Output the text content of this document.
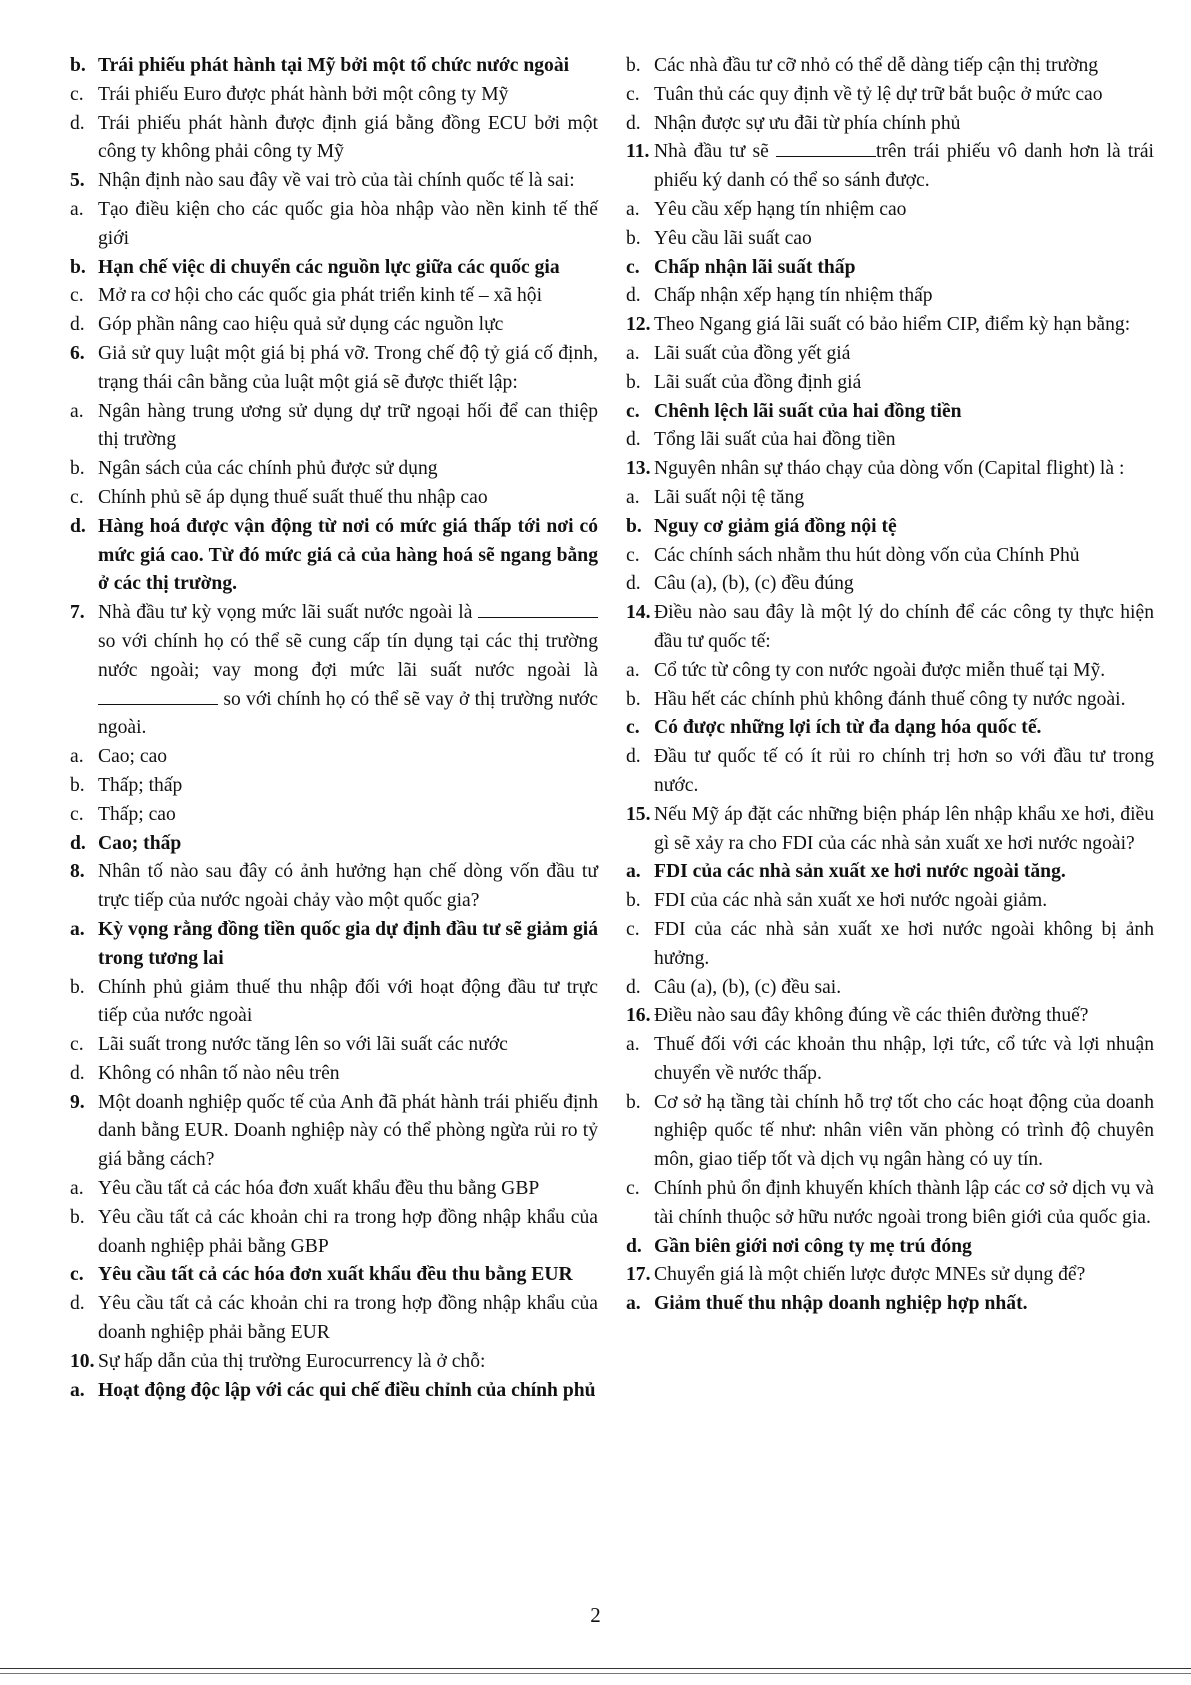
b. Trái phiếu phát hành tại Mỹ bởi một tổ chức nước ngoài
c. Trái phiếu Euro được phát hành bởi một công ty Mỹ
d. Trái phiếu phát hành được định giá bằng đồng ECU bởi một công ty không phải công ty Mỹ
5. Nhận định nào sau đây về vai trò của tài chính quốc tế là sai:
a. Tạo điều kiện cho các quốc gia hòa nhập vào nền kinh tế thế giới
b. Hạn chế việc di chuyển các nguồn lực giữa các quốc gia
c. Mở ra cơ hội cho các quốc gia phát triển kinh tế – xã hội
d. Góp phần nâng cao hiệu quả sử dụng các nguồn lực
6. Giả sử quy luật một giá bị phá vỡ. Trong chế độ tỷ giá cố định, trạng thái cân bằng của luật một giá sẽ được thiết lập:
a. Ngân hàng trung ương sử dụng dự trữ ngoại hối để can thiệp thị trường
b. Ngân sách của các chính phủ được sử dụng
c. Chính phủ sẽ áp dụng thuế suất thuế thu nhập cao
d. Hàng hoá được vận động từ nơi có mức giá thấp tới nơi có mức giá cao. Từ đó mức giá cả của hàng hoá sẽ ngang bằng ở các thị trường.
7. Nhà đầu tư kỳ vọng mức lãi suất nước ngoài là  so với chính họ có thể sẽ cung cấp tín dụng tại các thị trường nước ngoài; vay mong đợi mức lãi suất nước ngoài là  so với chính họ có thể sẽ vay ở thị trường nước ngoài.
a. Cao; cao
b. Thấp; thấp
c. Thấp; cao
d. Cao; thấp
8. Nhân tố nào sau đây có ảnh hưởng hạn chế dòng vốn đầu tư trực tiếp của nước ngoài chảy vào một quốc gia?
a. Kỳ vọng rằng đồng tiền quốc gia dự định đầu tư sẽ giảm giá trong tương lai
b. Chính phủ giảm thuế thu nhập đối với hoạt động đầu tư trực tiếp của nước ngoài
c. Lãi suất trong nước tăng lên so với lãi suất các nước
d. Không có nhân tố nào nêu trên
9. Một doanh nghiệp quốc tế của Anh đã phát hành trái phiếu định danh bằng EUR. Doanh nghiệp này có thể phòng ngừa rủi ro tỷ giá bằng cách?
a. Yêu cầu tất cả các hóa đơn xuất khẩu đều thu bằng GBP
b. Yêu cầu tất cả các khoản chi ra trong hợp đồng nhập khẩu của doanh nghiệp phải bằng GBP
c. Yêu cầu tất cả các hóa đơn xuất khẩu đều thu bằng EUR
d. Yêu cầu tất cả các khoản chi ra trong hợp đồng nhập khẩu của doanh nghiệp phải bằng EUR
10. Sự hấp dẫn của thị trường Eurocurrency là ở chỗ:
a. Hoạt động độc lập với các qui chế điều chỉnh của chính phủ
b. Các nhà đầu tư cỡ nhỏ có thể dễ dàng tiếp cận thị trường
c. Tuân thủ các quy định về tỷ lệ dự trữ bắt buộc ở mức cao
d. Nhận được sự ưu đãi từ phía chính phủ
11. Nhà đầu tư sẽ	trên trái phiếu vô danh hơn là trái phiếu ký danh có thể so sánh được.
a. Yêu cầu xếp hạng tín nhiệm cao
b. Yêu cầu lãi suất cao
c. Chấp nhận lãi suất thấp
d. Chấp nhận xếp hạng tín nhiệm thấp
12. Theo Ngang giá lãi suất có bảo hiểm CIP, điểm kỳ hạn bằng:
a. Lãi suất của đồng yết giá
b. Lãi suất của đồng định giá
c. Chênh lệch lãi suất của hai đồng tiền
d. Tổng lãi suất của hai đồng tiền
13. Nguyên nhân sự tháo chạy của dòng vốn (Capital flight) là :
a. Lãi suất nội tệ tăng
b. Nguy cơ giảm giá đồng nội tệ
c. Các chính sách nhằm thu hút dòng vốn của Chính Phủ
d. Câu (a), (b), (c) đều đúng
14. Điều nào sau đây là một lý do chính để các công ty thực hiện đầu tư quốc tế:
a. Cổ tức từ công ty con nước ngoài được miễn thuế tại Mỹ.
b. Hầu hết các chính phủ không đánh thuế công ty nước ngoài.
c. Có được những lợi ích từ đa dạng hóa quốc tế.
d. Đầu tư quốc tế có ít rủi ro chính trị hơn so với đầu tư trong nước.
15. Nếu Mỹ áp đặt các những biện pháp lên nhập khẩu xe hơi, điều gì sẽ xảy ra cho FDI của các nhà sản xuất xe hơi nước ngoài?
a. FDI của các nhà sản xuất xe hơi nước ngoài tăng.
b. FDI của các nhà sản xuất xe hơi nước ngoài giảm.
c. FDI của các nhà sản xuất xe hơi nước ngoài không bị ảnh hưởng.
d. Câu (a), (b), (c) đều sai.
16. Điều nào sau đây không đúng về các thiên đường thuế?
a. Thuế đối với các khoản thu nhập, lợi tức, cổ tức và lợi nhuận chuyển về nước thấp.
b. Cơ sở hạ tầng tài chính hỗ trợ tốt cho các hoạt động của doanh nghiệp quốc tế như: nhân viên văn phòng có trình độ chuyên môn, giao tiếp tốt và dịch vụ ngân hàng có uy tín.
c. Chính phủ ổn định khuyến khích thành lập các cơ sở dịch vụ và tài chính thuộc sở hữu nước ngoài trong biên giới của quốc gia.
d. Gần biên giới nơi công ty mẹ trú đóng
17. Chuyển giá là một chiến lược được MNEs sử dụng để?
a. Giảm thuế thu nhập doanh nghiệp hợp nhất.
2
